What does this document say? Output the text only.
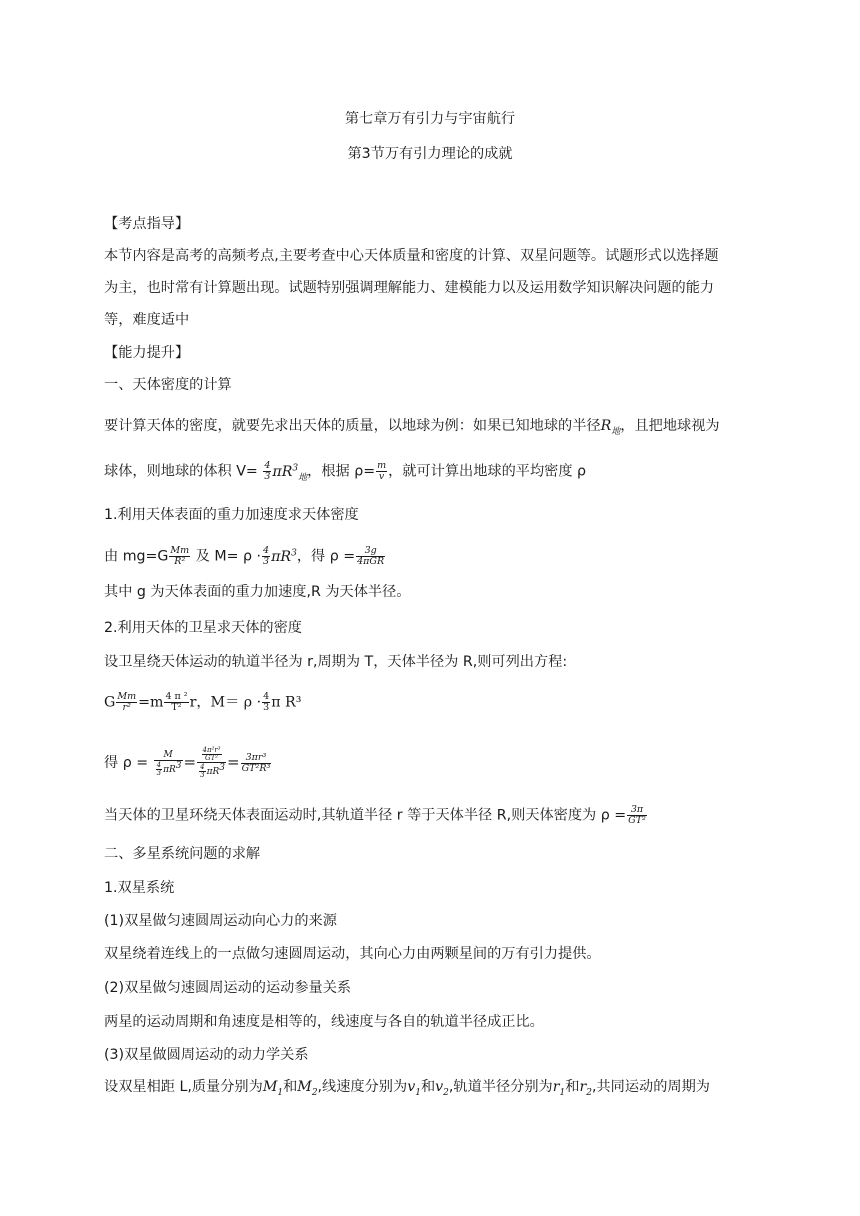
第七章万有引力与宇宙航行
第3节万有引力理论的成就
【考点指导】
本节内容是高考的高频考点,主要考查中心天体质量和密度的计算、双星问题等。试题形式以选择题
为主，也时常有计算题出现。试题特别强调理解能力、建模能力以及运用数学知识解决问题的能力
等，难度适中
【能力提升】
一、天体密度的计算
要计算天体的密度，就要先求出天体的质量，以地球为例：如果已知地球的半径$R_地$，且把地球视为
球体，则地球的体积 $V= \frac{4}{3} \pi R^3_地$，根据 $\rho= \frac{m}{v}$ ，就可计算出地球的平均密度 ρ
1.利用天体表面的重力加速度求天体密度
由 $mg=G \frac{Mm}{\text{R²}}$ 及 $M= \rho \cdot \frac{4}{3} \pi R^3$，得 $\rho = \frac{3g}{\text{4πGR}}$
其中 g 为天体表面的重力加速度,R 为天体半径。
2.利用天体的卫星求天体的密度
设卫星绕天体运动的轨道半径为 r,周期为 T，天体半径为 R,则可列出方程:
G $\frac{Mm}{\text{r²}} =m \frac{\text{4 π ²}}{\text{T²}}$ r，$M= \rho \cdot \frac{4}{3}$ π R³
得 $\rho = \frac{M}{\frac{4}{3} \pi R^3} = \frac{\frac{\text{4π²r³}}{\text{GT²}}}{\frac{4}{3} \pi R^3} = \frac{\text{3πr³}}{\text{GT²R³}}$
当天体的卫星环绕天体表面运动时,其轨道半径 r 等于天体半径 R,则天体密度为 $\rho = \frac{3\pi}{\text{GT²}}$
二、多星系统问题的求解
1.双星系统
(1)双星做匀速圆周运动向心力的来源
双星绕着连线上的一点做匀速圆周运动，其向心力由两颗星间的万有引力提供。
(2)双星做匀速圆周运动的运动参量关系
两星的运动周期和角速度是相等的，线速度与各自的轨道半径成正比。
(3)双星做圆周运动的动力学关系
设双星相距 L,质量分别为$M_1$和$M_2$,线速度分别为$v_1$和$v_2$,轨道半径分别为$r_1$和$r_2$,共同运动的周期为
